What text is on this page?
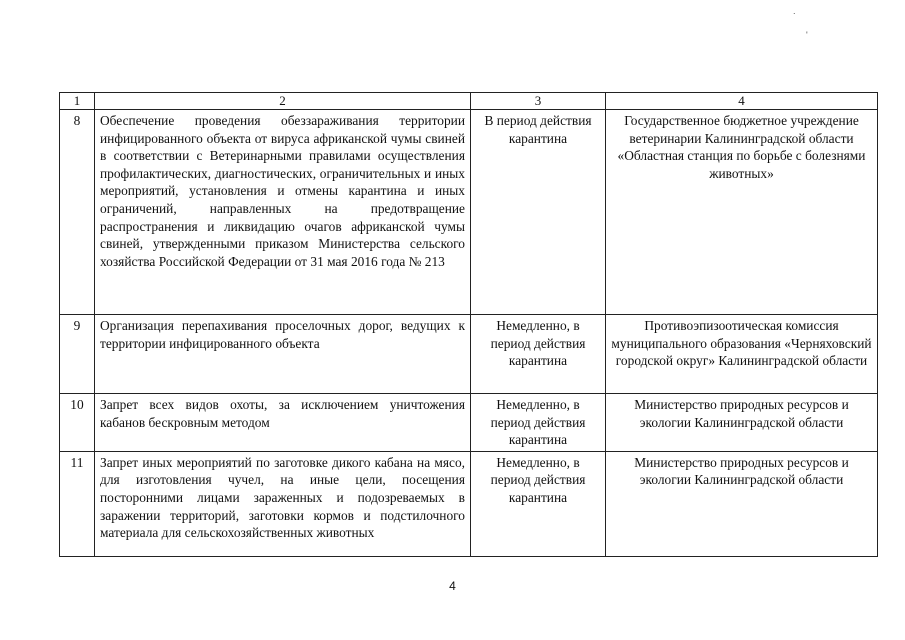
.
'
1	2	3	4
8	Обеспечение проведения обеззараживания территории инфицированного объекта от вируса африканской чумы свиней в соответствии с Ветеринарными правилами осуществления профилактических, диагностических, ограничительных и иных мероприятий, установления и отмены карантина и иных ограничений, направленных на предотвращение распространения и ликвидацию очагов африканской чумы свиней, утвержденными приказом Министерства сельского хозяйства Российской Федерации от 31 мая 2016 года № 213	В период действия карантина	Государственное бюджетное учреждение ветеринарии Калининградской области «Областная станция по борьбе с болезнями животных»
9	Организация перепахивания проселочных дорог, ведущих к территории инфицированного объекта	Немедленно, в период действия карантина	Противоэпизоотическая комиссия муниципального образования «Черняховский городской округ» Калининградской области
10	Запрет всех видов охоты, за исключением уничтожения кабанов бескровным методом	Немедленно, в период действия карантина	Министерство природных ресурсов и экологии Калининградской области
11	Запрет иных мероприятий по заготовке дикого кабана на мясо, для изготовления чучел, на иные цели, посещения посторонними лицами зараженных и подозреваемых в заражении территорий, заготовки кормов и подстилочного материала для сельскохозяйственных животных	Немедленно, в период действия карантина	Министерство природных ресурсов и экологии Калининградской области
4
